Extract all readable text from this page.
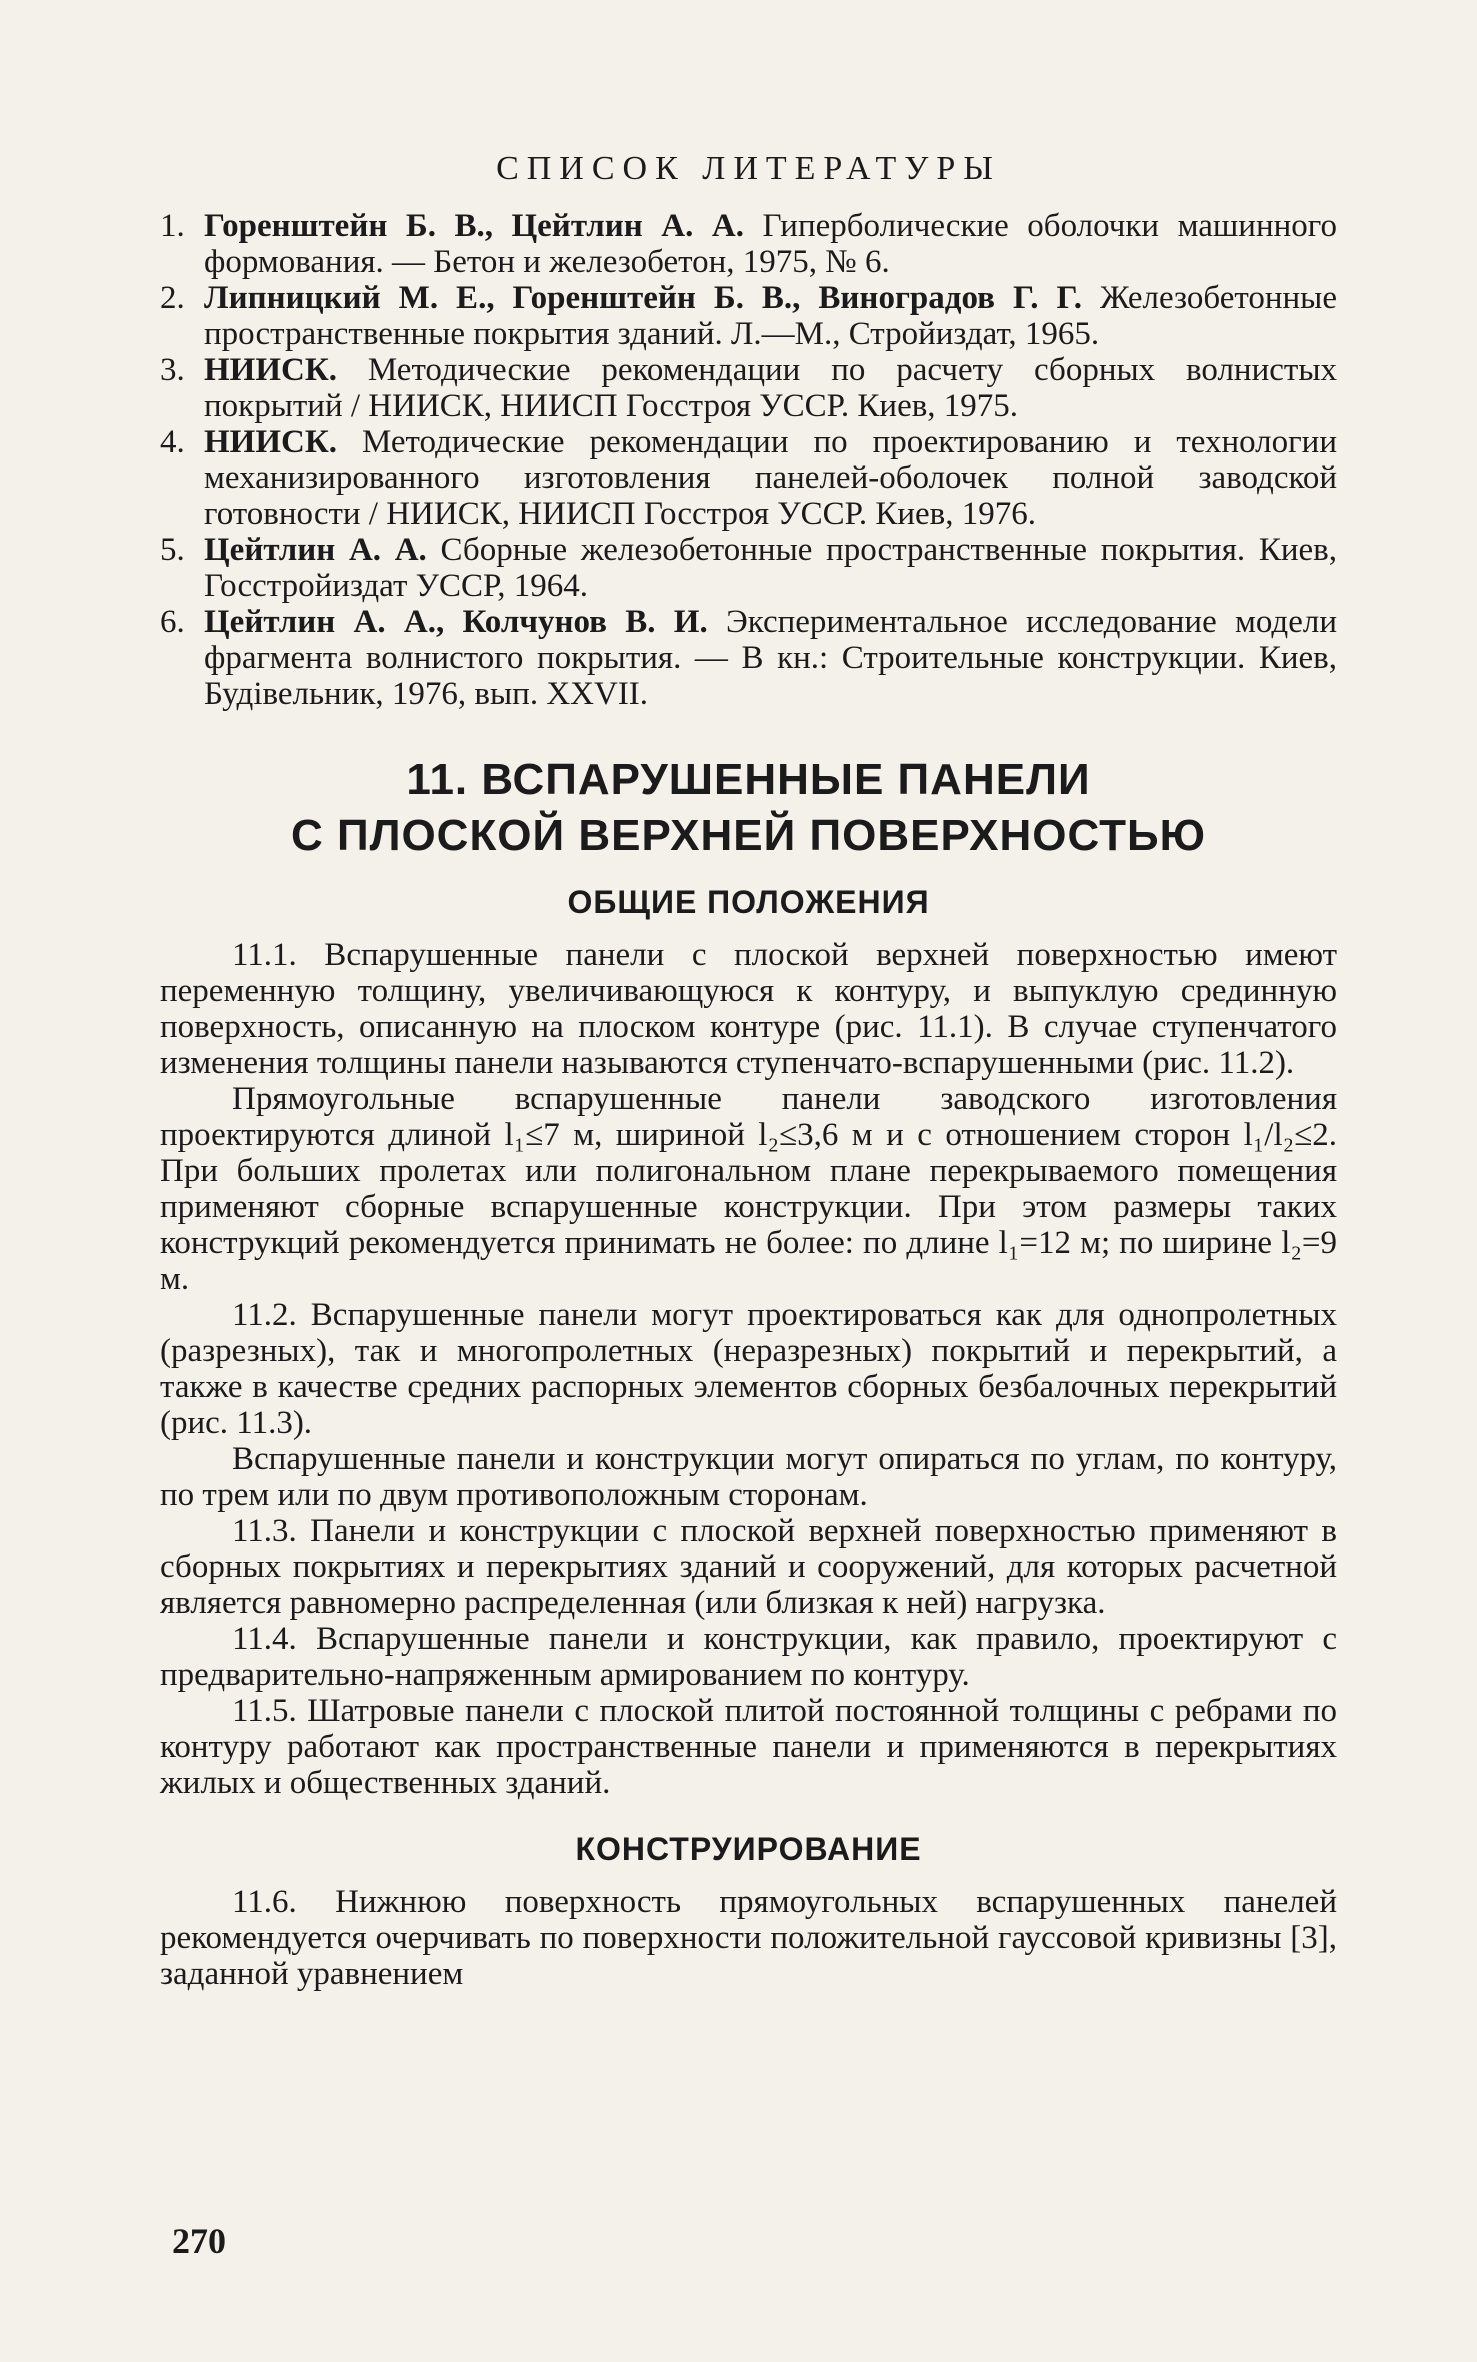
СПИСОК ЛИТЕРАТУРЫ
1. Горенштейн Б. В., Цейтлин А. А. Гиперболические оболочки машинного формования. — Бетон и железобетон, 1975, № 6.
2. Липницкий М. Е., Горенштейн Б. В., Виноградов Г. Г. Железобетонные пространственные покрытия зданий. Л.—М., Стройиздат, 1965.
3. НИИСК. Методические рекомендации по расчету сборных волнистых покрытий / НИИСК, НИИСП Госстроя УССР. Киев, 1975.
4. НИИСК. Методические рекомендации по проектированию и технологии механизированного изготовления панелей-оболочек полной заводской готовности / НИИСК, НИИСП Госстроя УССР. Киев, 1976.
5. Цейтлин А. А. Сборные железобетонные пространственные покрытия. Киев, Госстройиздат УССР, 1964.
6. Цейтлин А. А., Колчунов В. И. Экспериментальное исследование модели фрагмента волнистого покрытия. — В кн.: Строительные конструкции. Киев, Будівельник, 1976, вып. XXVII.
11. ВСПАРУШЕННЫЕ ПАНЕЛИ
С ПЛОСКОЙ ВЕРХНЕЙ ПОВЕРХНОСТЬЮ
ОБЩИЕ ПОЛОЖЕНИЯ

11.1. Вспарушенные панели с плоской верхней поверхностью имеют переменную толщину, увеличивающуюся к контуру, и выпуклую срединную поверхность, описанную на плоском контуре (рис. 11.1). В случае ступенчатого изменения толщины панели называются ступенчато-вспарушенными (рис. 11.2).

Прямоугольные вспарушенные панели заводского изготовления проектируются длиной l₁≤7 м, шириной l₂≤3,6 м и с отношением сторон l₁/l₂≤2. При больших пролетах или полигональном плане перекрываемого помещения применяют сборные вспарушенные конструкции. При этом размеры таких конструкций рекомендуется принимать не более: по длине l₁=12 м; по ширине l₂=9 м.

11.2. Вспарушенные панели могут проектироваться как для однопролетных (разрезных), так и многопролетных (неразрезных) покрытий и перекрытий, а также в качестве средних распорных элементов сборных безбалочных перекрытий (рис. 11.3).

Вспарушенные панели и конструкции могут опираться по углам, по контуру, по трем или по двум противоположным сторонам.

11.3. Панели и конструкции с плоской верхней поверхностью применяют в сборных покрытиях и перекрытиях зданий и сооружений, для которых расчетной является равномерно распределенная (или близкая к ней) нагрузка.

11.4. Вспарушенные панели и конструкции, как правило, проектируют с предварительно-напряженным армированием по контуру.

11.5. Шатровые панели с плоской плитой постоянной толщины с ребрами по контуру работают как пространственные панели и применяются в перекрытиях жилых и общественных зданий.

КОНСТРУИРОВАНИЕ

11.6. Нижнюю поверхность прямоугольных вспарушенных панелей рекомендуется очерчивать по поверхности положительной гауссовой кривизны [3], заданной уравнением

270
